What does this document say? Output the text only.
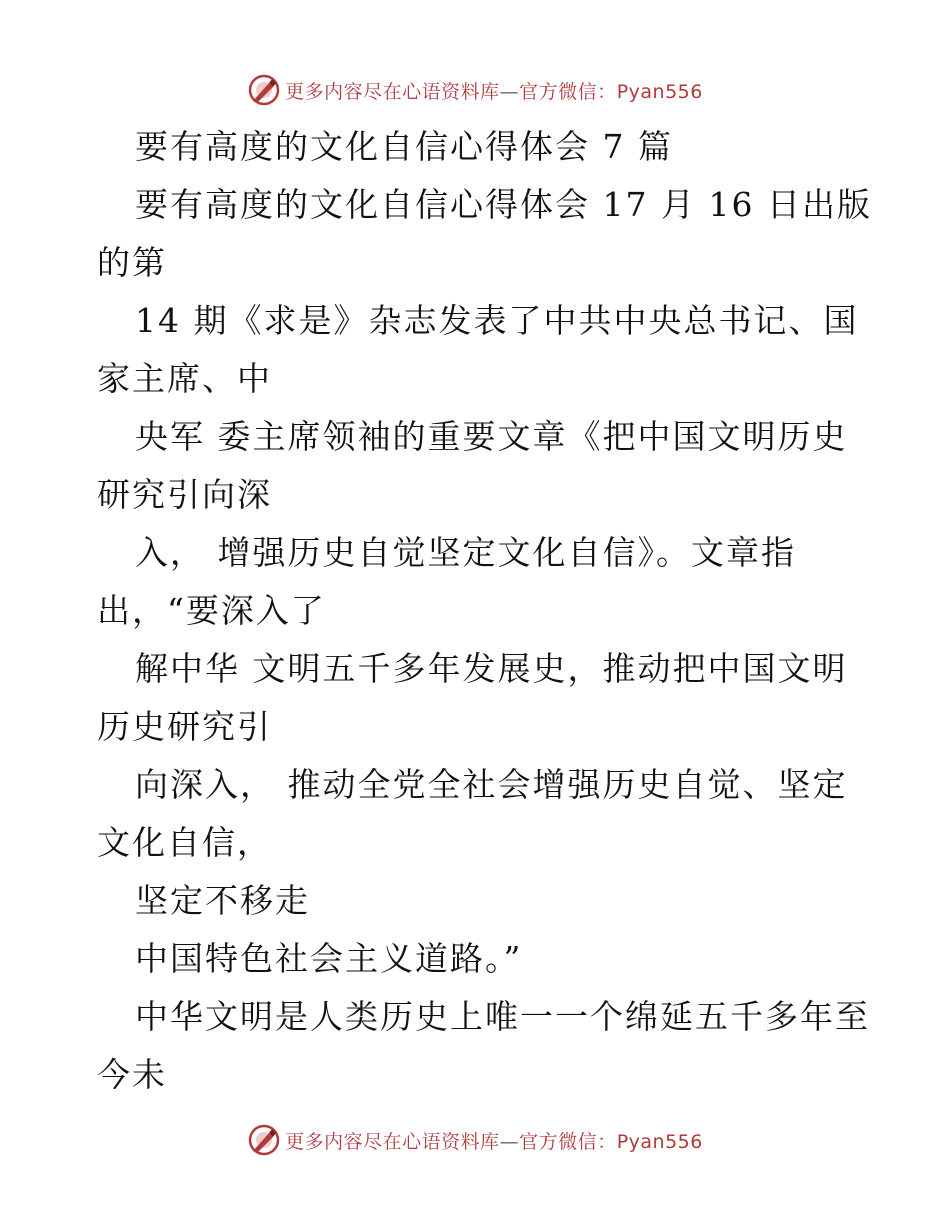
更多内容尽在心语资料库—官方微信：Pyan556
要有高度的文化自信心得体会 7 篇
要有高度的文化自信心得体会 17 月 16 日出版
的第
14 期《求是》杂志发表了中共中央总书记、国
家主席、中
央军 委主席领袖的重要文章《把中国文明历史
研究引向深
入， 增强历史自觉坚定文化自信》。文章指
出，“要深入了
解中华 文明五千多年发展史，推动把中国文明
历史研究引
向深入， 推动全党全社会增强历史自觉、坚定
文化自信，
坚定不移走
中国特色社会主义道路。”
中华文明是人类历史上唯一一个绵延五千多年至
今未
更多内容尽在心语资料库—官方微信：Pyan556
